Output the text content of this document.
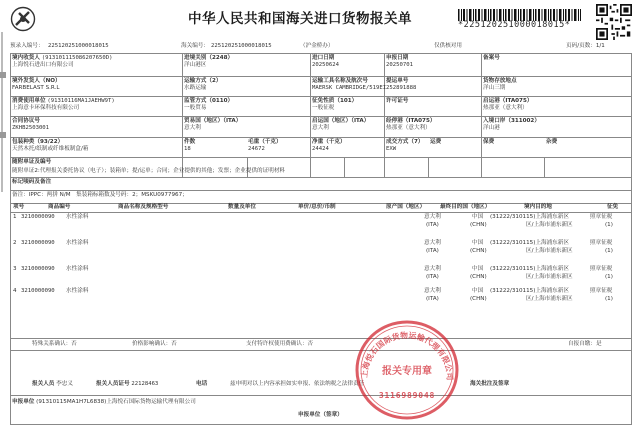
中华人民共和国海关进口货物报关单	*225120251000018015*
预录入编号： 225120251000018015	海关编号： 225120251000018015	（沪金桥办）	仅供核对用	页码/页数：1/1
境内收货人 (913101115086207650D)
上海悦石进出口有限公司
进境关别（2248）
洋山港区
进口日期
20250624
申报日期
20250701
备案号
境外发货人（NO）
FARBELAST S.R.L
运输方式（2）
水路运输
运输工具名称及航次号
MAERSK CAMBRIDGE/519EI
提运单号
252891888
货物存放地点
洋山三期
消费使用单位 (91310116MA1JAEHW9T)
上海意卡环保科技有限公司
监管方式（0110）
一般贸易
征免性质（101）
一般征税
许可证号	启运港（ITA075）
热那亚（意大利）
合同协议号
ZKHB2503001
贸易国（地区）（ITA）
意大利
启运国（地区）（ITA）
意大利
经停港（ITA075）
热那亚（意大利）
入境口岸（311002）
洋山港
包装种类（93/22）
天然木托/纸制或纤维板制盒/箱
件数
18
毛重（千克）
24672
净重（千克）
24424
成交方式（7）
EXW
运费	保费	杂费
随附单证及编号
随附单证2:代理报关委托协议（电子）；装箱单；提/运单；合同；企业提供的其他；发票；企业提供的证明材料
标记唛码及备注
备注：IPPC：两拼 N/M　集装箱标箱数及号码：2；MSKU0977967；
项号	商品编号	商品名称及规格型号	数量及单位	单价/总价/币制	原产国（地区）	最终目的国（地区）	境内目的地	征免
1 3210000090 水性涂料	意大利
(ITA)
中国
(CHN)
(31222/310115)上海浦东新区
区/上海市浦东新区
照章征税
(1)
2 3210000090 水性涂料	意大利
(ITA)
中国
(CHN)
(31222/310115)上海浦东新区
区/上海市浦东新区
照章征税
(1)
3 3210000090 水性涂料	意大利
(ITA)
中国
(CHN)
(31222/310115)上海浦东新区
区/上海市浦东新区
照章征税
(1)
4 3210000090 水性涂料	意大利
(ITA)
中国
(CHN)
(31222/310115)上海浦东新区
区/上海市浦东新区
照章征税
(1)
特殊关系确认：否	价格影响确认：否	支付特许权使用费确认：否	自报自缴：是
报关人员 李忠义	报关人员证号 22128463	电话	兹申明对以上内容承担如实申报、依法纳税之法律责任	海关批注及签章
申报单位 (91310115MA1H7L6838)上海悦石国际货物运输代理有限公司
申报单位（签章）
上海悦石国际货物运输代理有限公司
报关专用章
3116989048
